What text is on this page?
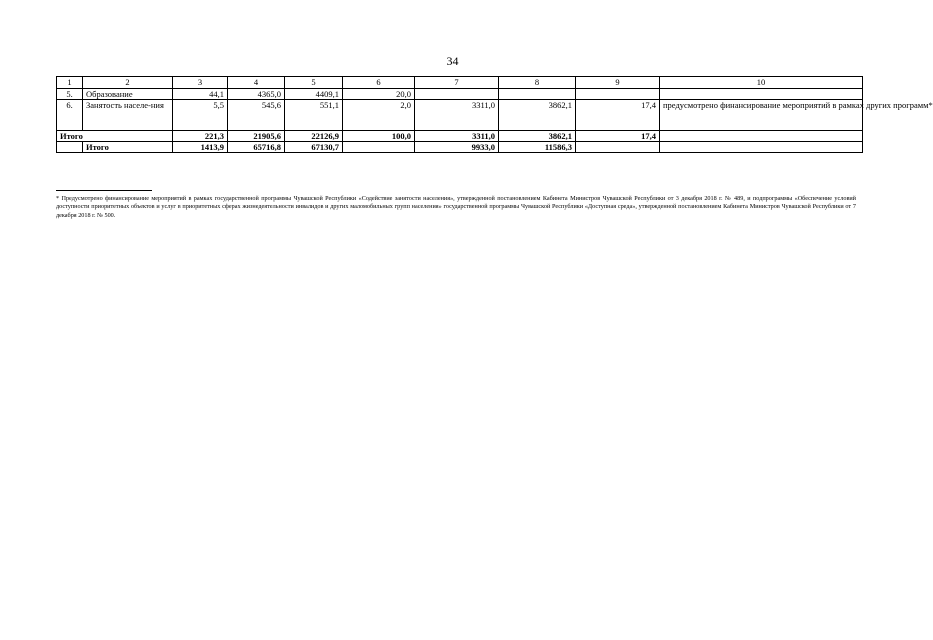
34
1	2	3	4	5	6	7	8	9	10
5.	Образование	44,1	4365,0	4409,1	20,0				
6.	Занятость населе-ния	5,5	545,6	551,1	2,0	3311,0	3862,1	17,4	предусмотрено финансирование мероприятий в рамках других программ*
Итого		221,3	21905,6	22126,9	100,0	3311,0	3862,1	17,4	
	Итого	1413,9	65716,8	67130,7		9933,0	11586,3		
* Предусмотрено финансирование мероприятий в рамках государственной программы Чувашской Республики «Содействие занятости населения», утвержденной постановлением Кабинета Министров Чувашской Республики от 3 декабря 2018 г. № 489, и подпрограммы «Обеспечение условий доступности приоритетных объектов и услуг в приоритетных сферах жизнедеятельности инвалидов и других маломобильных групп населения» государственной программы Чувашской Республики «Доступная среда», утвержденной постановлением Кабинета Министров Чувашской Республики от 7 декабря 2018 г. № 500.
